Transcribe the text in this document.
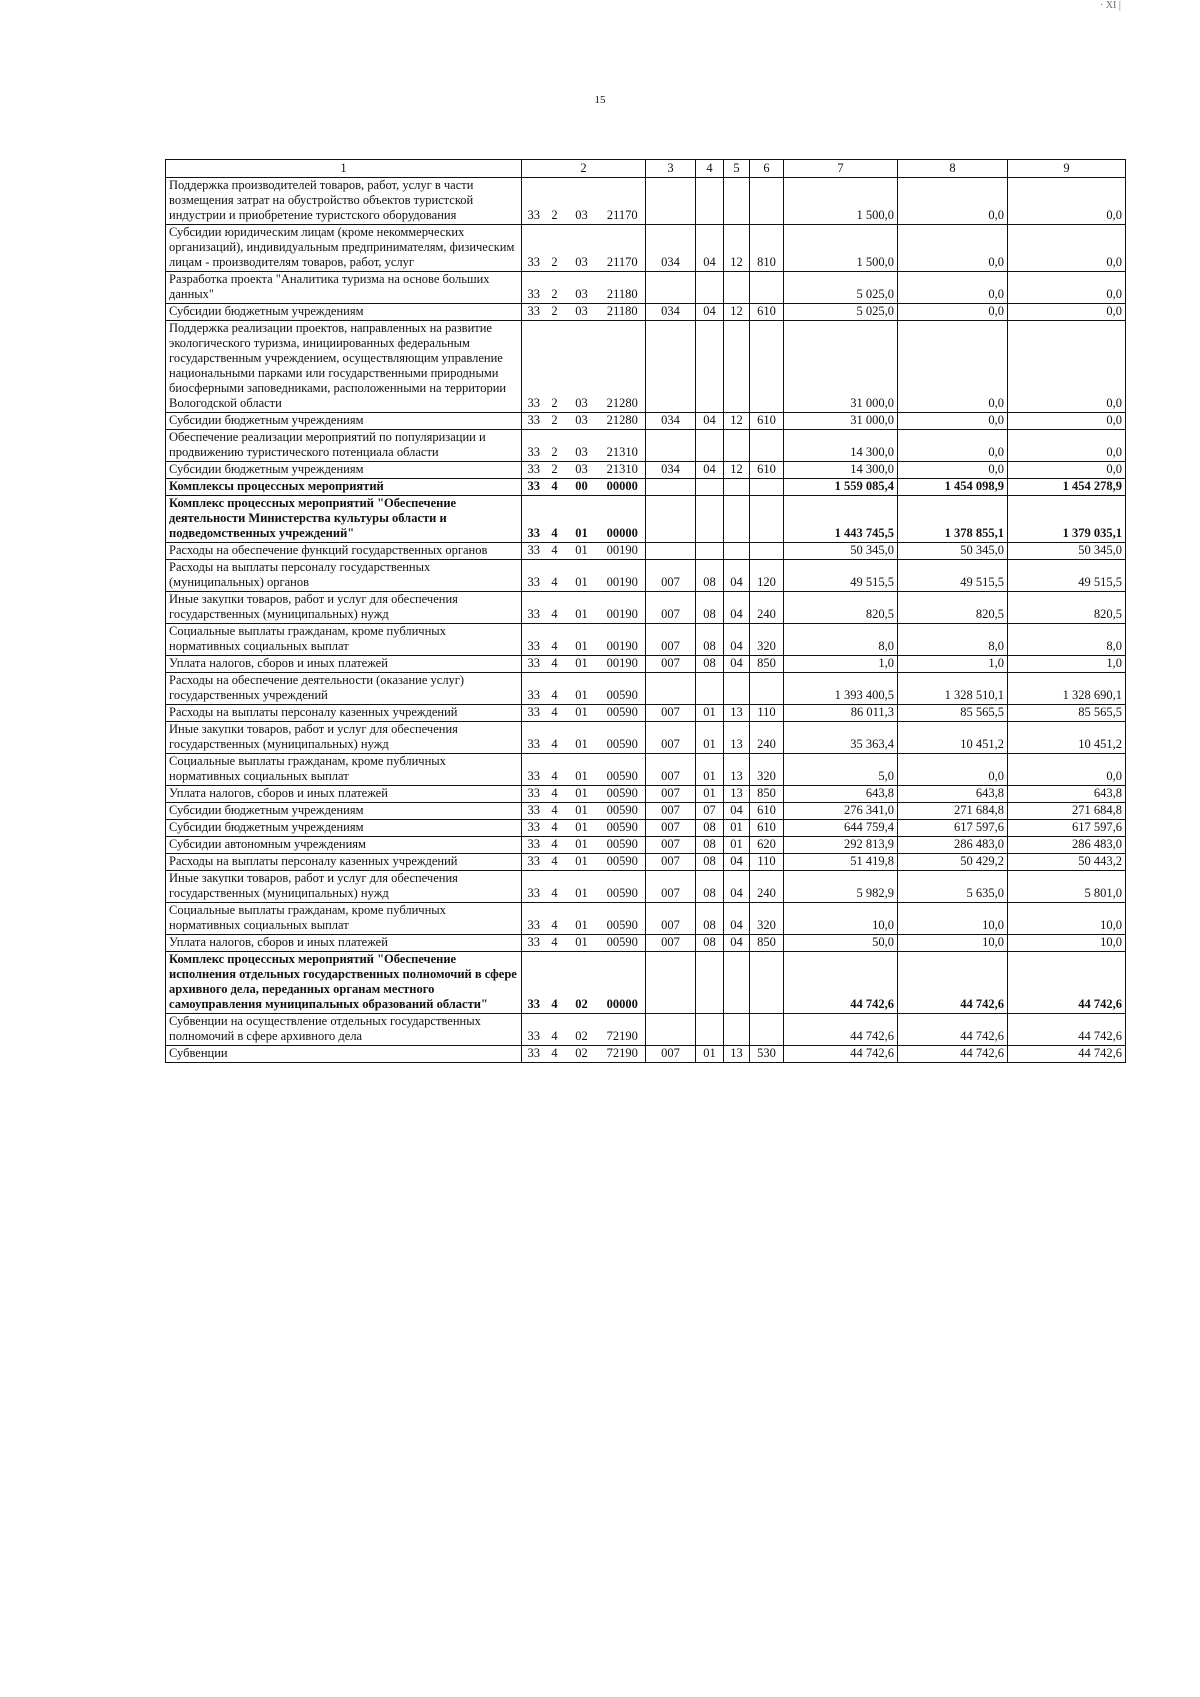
15
· XI |
1	2				3	4	5	6	7	8	9
Поддержка производителей товаров, работ, услуг в части возмещения затрат на обустройство объектов туристской индустрии и приобретение туристского оборудования	33	2	03	21170					1 500,0	0,0	0,0
Субсидии юридическим лицам (кроме некоммерческих организаций), индивидуальным предпринимателям, физическим лицам - производителям товаров, работ, услуг	33	2	03	21170	034	04	12	810	1 500,0	0,0	0,0
Разработка проекта "Аналитика туризма на основе больших данных"	33	2	03	21180					5 025,0	0,0	0,0
Субсидии бюджетным учреждениям	33	2	03	21180	034	04	12	610	5 025,0	0,0	0,0
Поддержка реализации проектов, направленных на развитие экологического туризма, инициированных федеральным государственным учреждением, осуществляющим управление национальными парками или государственными природными биосферными заповедниками, расположенными на территории Вологодской области	33	2	03	21280					31 000,0	0,0	0,0
Субсидии бюджетным учреждениям	33	2	03	21280	034	04	12	610	31 000,0	0,0	0,0
Обеспечение реализации мероприятий по популяризации и продвижению туристического потенциала области	33	2	03	21310					14 300,0	0,0	0,0
Субсидии бюджетным учреждениям	33	2	03	21310	034	04	12	610	14 300,0	0,0	0,0
Комплексы процессных мероприятий	33	4	00	00000					1 559 085,4	1 454 098,9	1 454 278,9
Комплекс процессных мероприятий "Обеспечение деятельности Министерства культуры области и подведомственных учреждений"	33	4	01	00000					1 443 745,5	1 378 855,1	1 379 035,1
Расходы на обеспечение функций государственных органов	33	4	01	00190					50 345,0	50 345,0	50 345,0
Расходы на выплаты персоналу государственных (муниципальных) органов	33	4	01	00190	007	08	04	120	49 515,5	49 515,5	49 515,5
Иные закупки товаров, работ и услуг для обеспечения государственных (муниципальных) нужд	33	4	01	00190	007	08	04	240	820,5	820,5	820,5
Социальные выплаты гражданам, кроме публичных нормативных социальных выплат	33	4	01	00190	007	08	04	320	8,0	8,0	8,0
Уплата налогов, сборов и иных платежей	33	4	01	00190	007	08	04	850	1,0	1,0	1,0
Расходы на обеспечение деятельности (оказание услуг) государственных учреждений	33	4	01	00590					1 393 400,5	1 328 510,1	1 328 690,1
Расходы на выплаты персоналу казенных учреждений	33	4	01	00590	007	01	13	110	86 011,3	85 565,5	85 565,5
Иные закупки товаров, работ и услуг для обеспечения государственных (муниципальных) нужд	33	4	01	00590	007	01	13	240	35 363,4	10 451,2	10 451,2
Социальные выплаты гражданам, кроме публичных нормативных социальных выплат	33	4	01	00590	007	01	13	320	5,0	0,0	0,0
Уплата налогов, сборов и иных платежей	33	4	01	00590	007	01	13	850	643,8	643,8	643,8
Субсидии бюджетным учреждениям	33	4	01	00590	007	07	04	610	276 341,0	271 684,8	271 684,8
Субсидии бюджетным учреждениям	33	4	01	00590	007	08	01	610	644 759,4	617 597,6	617 597,6
Субсидии автономным учреждениям	33	4	01	00590	007	08	01	620	292 813,9	286 483,0	286 483,0
Расходы на выплаты персоналу казенных учреждений	33	4	01	00590	007	08	04	110	51 419,8	50 429,2	50 443,2
Иные закупки товаров, работ и услуг для обеспечения государственных (муниципальных) нужд	33	4	01	00590	007	08	04	240	5 982,9	5 635,0	5 801,0
Социальные выплаты гражданам, кроме публичных нормативных социальных выплат	33	4	01	00590	007	08	04	320	10,0	10,0	10,0
Уплата налогов, сборов и иных платежей	33	4	01	00590	007	08	04	850	50,0	10,0	10,0
Комплекс процессных мероприятий "Обеспечение исполнения отдельных государственных полномочий в сфере архивного дела, переданных органам местного самоуправления муниципальных образований области"	33	4	02	00000					44 742,6	44 742,6	44 742,6
Субвенции на осуществление отдельных государственных полномочий в сфере архивного дела	33	4	02	72190					44 742,6	44 742,6	44 742,6
Субвенции	33	4	02	72190	007	01	13	530	44 742,6	44 742,6	44 742,6
